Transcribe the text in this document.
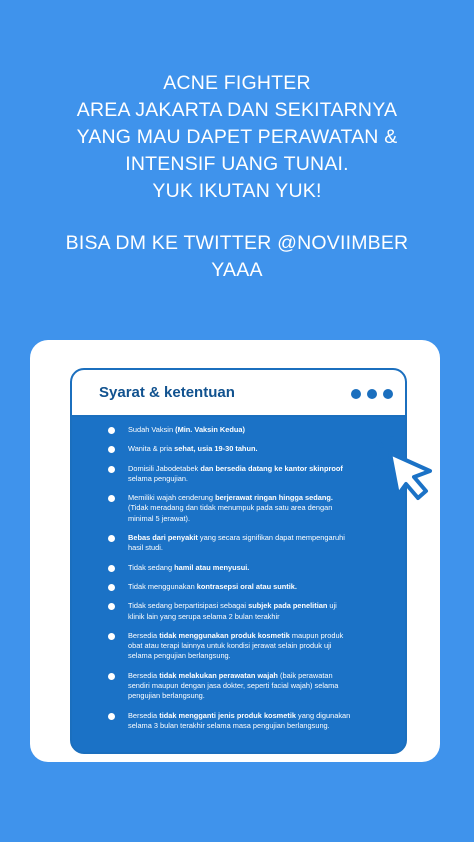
ACNE FIGHTER
AREA JAKARTA DAN SEKITARNYA
YANG MAU DAPET PERAWATAN &
INTENSIF UANG TUNAI.
YUK IKUTAN YUK!
BISA DM KE TWITTER @NOVIIMBER
YAAA
Syarat & ketentuan
Sudah Vaksin (Min. Vaksin Kedua)
Wanita & pria sehat, usia 19-30 tahun.
Domisili Jabodetabek dan bersedia datang ke kantor skinproof selama pengujian.
Memiliki wajah cenderung berjerawat ringan hingga sedang. (Tidak meradang dan tidak menumpuk pada satu area dengan minimal 5 jerawat).
Bebas dari penyakit yang secara signifikan dapat mempengaruhi hasil studi.
Tidak sedang hamil atau menyusui.
Tidak menggunakan kontrasepsi oral atau suntik.
Tidak sedang berpartisipasi sebagai subjek pada penelitian uji klinik lain yang serupa selama 2 bulan terakhir
Bersedia tidak menggunakan produk kosmetik maupun produk obat atau terapi lainnya untuk kondisi jerawat selain produk uji selama pengujian berlangsung.
Bersedia tidak melakukan perawatan wajah (baik perawatan sendiri maupun dengan jasa dokter, seperti facial wajah) selama pengujian berlangsung.
Bersedia tidak mengganti jenis produk kosmetik yang digunakan selama 3 bulan terakhir selama masa pengujian berlangsung.
